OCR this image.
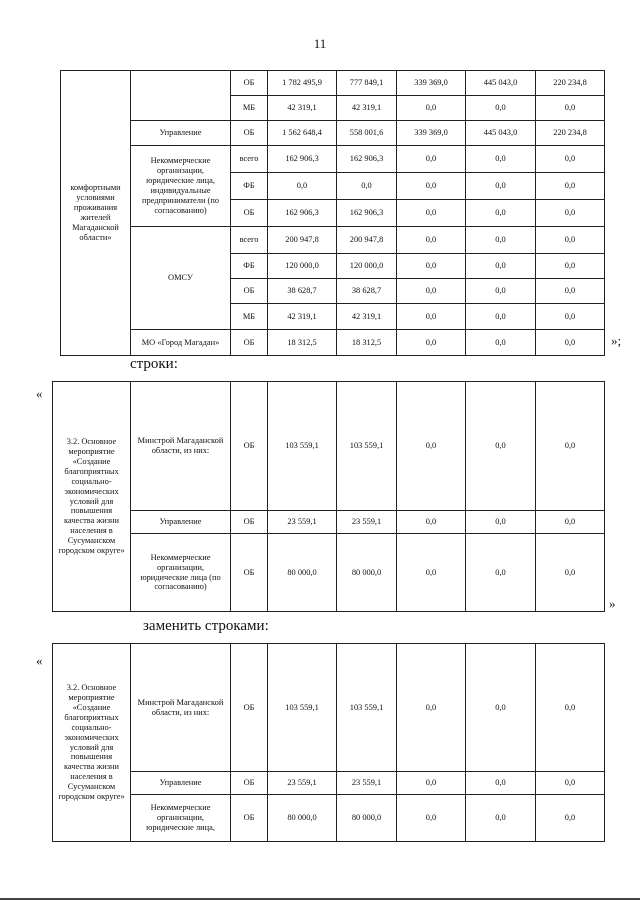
11
комфортными условиями проживания жителей Магаданской области»		ОБ	1 782 495,9	777 849,1	339 369,0	445 043,0	220 234,8
		МБ	42 319,1	42 319,1	0,0	0,0	0,0
	Управление	ОБ	1 562 648,4	558 001,6	339 369,0	445 043,0	220 234,8
	Некоммерческие организации, юридические лица, индивидуальные предприниматели (по согласованию)	всего	162 906,3	162 906,3	0,0	0,0	0,0
		ФБ	0,0	0,0	0,0	0,0	0,0
		ОБ	162 906,3	162 906,3	0,0	0,0	0,0
	ОМСУ	всего	200 947,8	200 947,8	0,0	0,0	0,0
		ФБ	120 000,0	120 000,0	0,0	0,0	0,0
		ОБ	38 628,7	38 628,7	0,0	0,0	0,0
		МБ	42 319,1	42 319,1	0,0	0,0	0,0
	МО «Город Магадан»	ОБ	18 312,5	18 312,5	0,0	0,0	0,0	»;
строки:
«
3.2. Основное мероприятие «Создание благоприятных социально-экономических условий для повышения качества жизни населения в Сусуманском городском округе»	Минстрой Магаданской области, из них:	ОБ	103 559,1	103 559,1	0,0	0,0	0,0
	Управление	ОБ	23 559,1	23 559,1	0,0	0,0	0,0
	Некоммерческие организации, юридические лица (по согласованию)	ОБ	80 000,0	80 000,0	0,0	0,0	0,0
»
заменить строками:
«
3.2. Основное мероприятие «Создание благоприятных социально-экономических условий для повышения качества жизни населения в Сусуманском городском округе»	Минстрой Магаданской области, из них:	ОБ	103 559,1	103 559,1	0,0	0,0	0,0
	Управление	ОБ	23 559,1	23 559,1	0,0	0,0	0,0
	Некоммерческие организации, юридические лица,	ОБ	80 000,0	80 000,0	0,0	0,0	0,0
